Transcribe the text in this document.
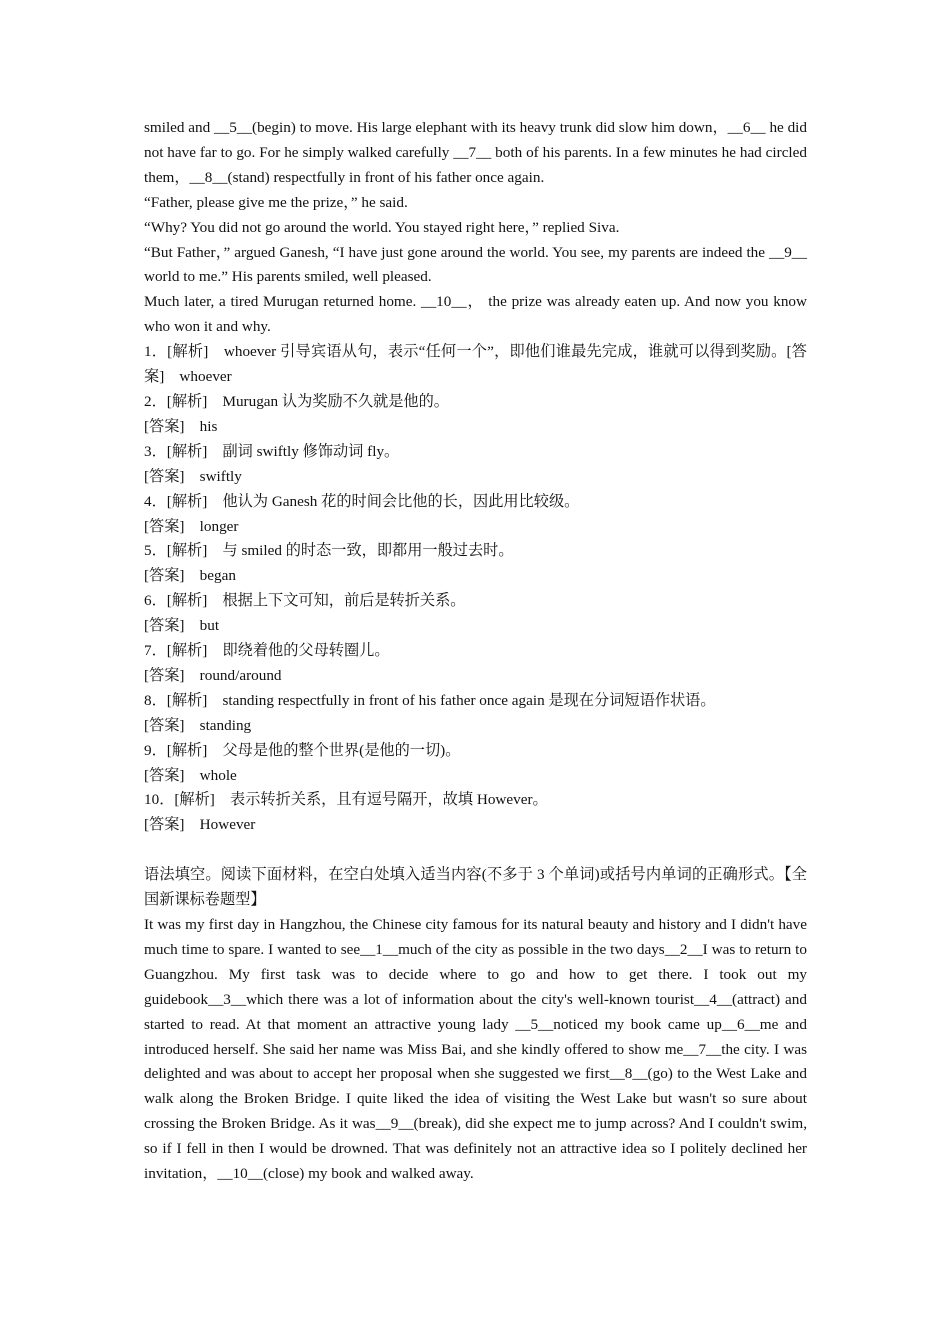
smiled and __5__(begin) to move. His large elephant with its heavy trunk did slow him down，__6__ he did not have far to go. For he simply walked carefully __7__ both of his parents. In a few minutes he had circled them，__8__(stand) respectfully in front of his father once again.

“Father, please give me the prize，” he said.

“Why? You did not go around the world. You stayed right here，” replied Siva.

“But Father，” argued Ganesh, “I have just gone around the world. You see, my parents are indeed the __9__ world to me.” His parents smiled, well pleased.

Much later, a tired Murugan returned home. __10__， the prize was already eaten up. And now you know who won it and why.

1．[解析]　whoever 引导宾语从句，表示“任何一个”，即他们谁最先完成，谁就可以得到奖励。[答案]　whoever

2．[解析]　Murugan 认为奖励不久就是他的。

[答案]　his

3．[解析]　副词 swiftly 修饰动词 fly。

[答案]　swiftly

4．[解析]　他认为 Ganesh 花的时间会比他的长，因此用比较级。

[答案]　longer

5．[解析]　与 smiled 的时态一致，即都用一般过去时。

[答案]　began

6．[解析]　根据上下文可知，前后是转折关系。

[答案]　but

7．[解析]　即绕着他的父母转圈儿。

[答案]　round/around

8．[解析]　standing respectfully in front of his father once again 是现在分词短语作状语。

[答案]　standing

9．[解析]　父母是他的整个世界(是他的一切)。

[答案]　whole

10．[解析]　表示转折关系，且有逗号隔开，故填 However。

[答案]　However

语法填空。阅读下面材料，在空白处填入适当内容(不多于 3 个单词)或括号内单词的正确形式。【全国新课标卷题型】

It was my first day in Hangzhou, the Chinese city famous for its natural beauty and history and I didn't have much time to spare. I wanted to see__1__much of the city as possible in the two days__2__I was to return to Guangzhou. My first task was to decide where to go and how to get there. I took out my guidebook__3__which there was a lot of information about the city's well-known tourist__4__(attract) and started to read. At that moment an attractive young lady __5__noticed my book came up__6__me and introduced herself. She said her name was Miss Bai, and she kindly offered to show me__7__the city. I was delighted and was about to accept her proposal when she suggested we first__8__(go) to the West Lake and walk along the Broken Bridge. I quite liked the idea of visiting the West Lake but wasn't so sure about crossing the Broken Bridge. As it was__9__(break), did she expect me to jump across? And I couldn't swim, so if I fell in then I would be drowned. That was definitely not an attractive idea so I politely declined her invitation，__10__(close) my book and walked away.
